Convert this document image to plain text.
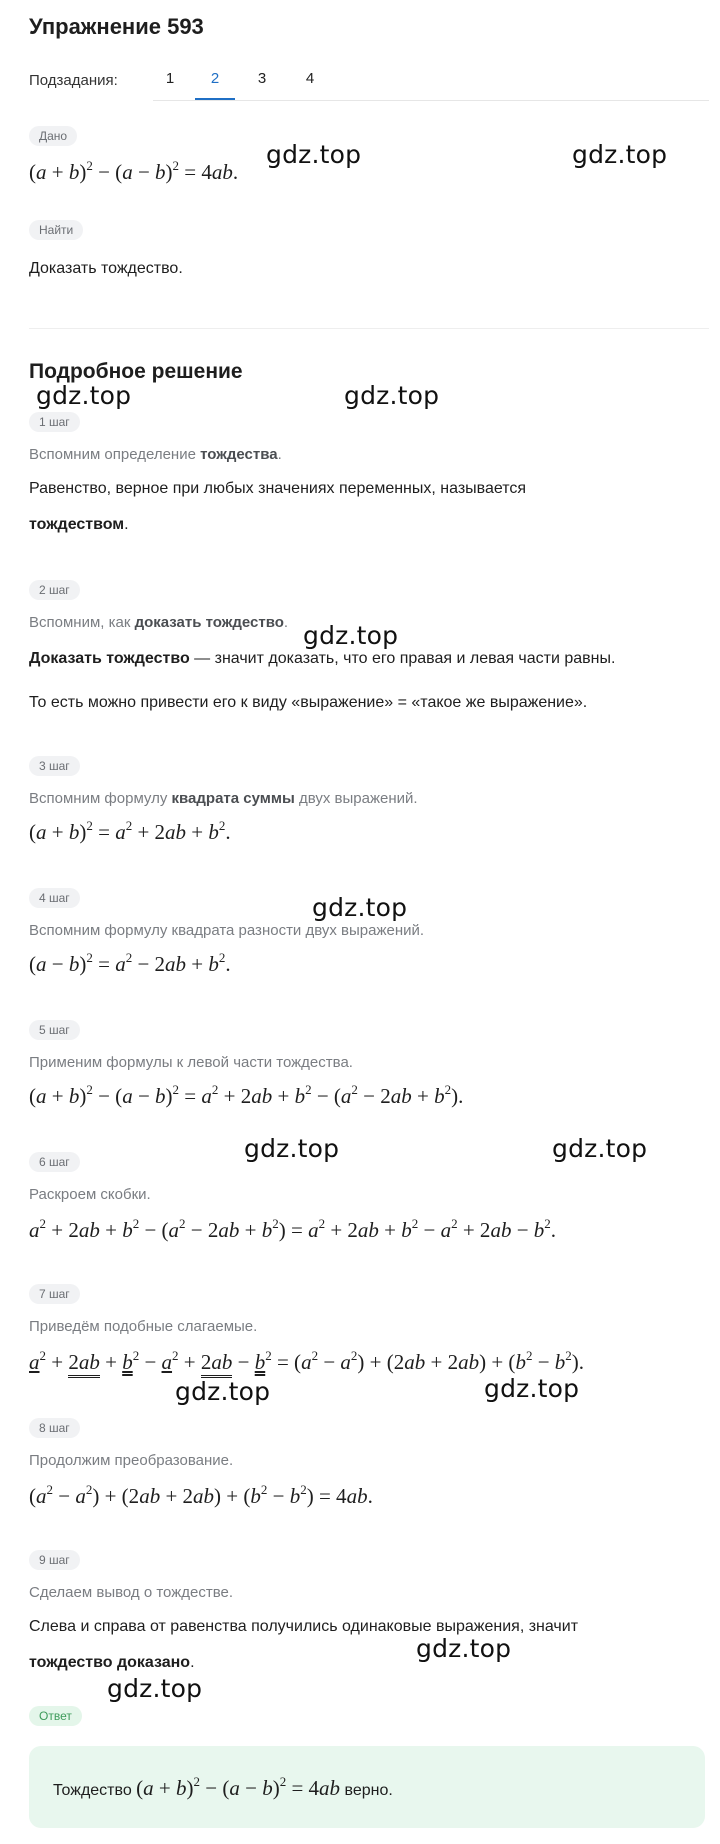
Упражнение 593
Подзадания:	1	2	3	4
Дано
$(a + b)^2 - (a - b)^2 = 4ab$.
Найти
Доказать тождество.
Подробное решение
1 шаг
Вспомним определение тождества.
Равенство, верное при любых значениях переменных, называется
тождеством.
2 шаг
Вспомним, как доказать тождество.
Доказать тождество — значит доказать, что его правая и левая части равны.
То есть можно привести его к виду «выражение» = «такое же выражение».
3 шаг
Вспомним формулу квадрата суммы двух выражений.
$(a + b)^2 = a^2 + 2ab + b^2$.
4 шаг
Вспомним формулу квадрата разности двух выражений.
$(a - b)^2 = a^2 - 2ab + b^2$.
5 шаг
Применим формулы к левой части тождества.
$(a + b)^2 - (a - b)^2 = a^2 + 2ab + b^2 - (a^2 - 2ab + b^2)$.
6 шаг
Раскроем скобки.
$a^2 + 2ab + b^2 - (a^2 - 2ab + b^2) = a^2 + 2ab + b^2 - a^2 + 2ab - b^2$.
7 шаг
Приведём подобные слагаемые.
$a^2 + 2ab + b^2 - a^2 + 2ab - b^2 = (a^2 - a^2) + (2ab + 2ab) + (b^2 - b^2)$.
8 шаг
Продолжим преобразование.
$(a^2 - a^2) + (2ab + 2ab) + (b^2 - b^2) = 4ab$.
9 шаг
Сделаем вывод о тождестве.
Слева и справа от равенства получились одинаковые выражения, значит
тождество доказано.
Ответ
Тождество $(a + b)^2 - (a - b)^2 = 4ab$ верно.
gdz.top	gdz.top
gdz.top	gdz.top
gdz.top
gdz.top
gdz.top	gdz.top
gdz.top	gdz.top
gdz.top
gdz.top
